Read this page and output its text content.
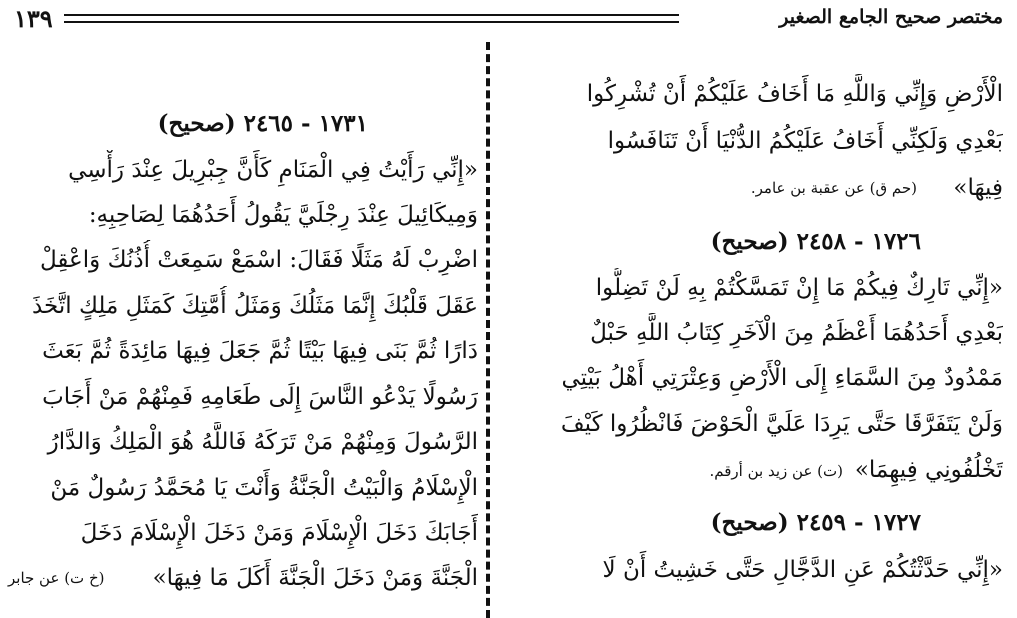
مختصر صحيح الجامع الصغير
١٣٩
الْأَرْضِ وَإِنِّي وَاللَّهِ مَا أَخَافُ عَلَيْكُمْ أَنْ تُشْرِكُوا
بَعْدِي وَلَكِنِّي أَخَافُ عَلَيْكُمُ الدُّنْيَا أَنْ تَنَافَسُوا
فِيهَا»
(حم ق) عن عقبة بن عامر.
١٧٢٦ - ٢٤٥٨ (صحيح)
«إِنِّي تَارِكٌ فِيكُمْ مَا إِنْ تَمَسَّكْتُمْ بِهِ لَنْ تَضِلُّوا
بَعْدِي أَحَدُهُمَا أَعْظَمُ مِنَ الْآخَرِ كِتَابُ اللَّهِ حَبْلٌ
مَمْدُودٌ مِنَ السَّمَاءِ إِلَى الْأَرْضِ وَعِتْرَتِي أَهْلُ بَيْتِي
وَلَنْ يَتَفَرَّقَا حَتَّى يَرِدَا عَلَيَّ الْحَوْضَ فَانْظُرُوا كَيْفَ
تَخْلُفُونِي فِيهِمَا»
(ت) عن زيد بن أرقم.
١٧٢٧ - ٢٤٥٩ (صحيح)
«إِنِّي حَدَّثْتُكُمْ عَنِ الدَّجَّالِ حَتَّى خَشِيتُ أَنْ لَا
١٧٣١ - ٢٤٦٥ (صحيح)
«إِنِّي رَأَيْتُ فِي الْمَنَامِ كَأَنَّ جِبْرِيلَ عِنْدَ رَأْسِي
وَمِيكَائِيلَ عِنْدَ رِجْلَيَّ يَقُولُ أَحَدُهُمَا لِصَاحِبِهِ:
اضْرِبْ لَهُ مَثَلًا فَقَالَ: اسْمَعْ سَمِعَتْ أُذُنُكَ وَاعْقِلْ
عَقَلَ قَلْبُكَ إِنَّمَا مَثَلُكَ وَمَثَلُ أُمَّتِكَ كَمَثَلِ مَلِكٍ اتَّخَذَ
دَارًا ثُمَّ بَنَى فِيهَا بَيْتًا ثُمَّ جَعَلَ فِيهَا مَائِدَةً ثُمَّ بَعَثَ
رَسُولًا يَدْعُو النَّاسَ إِلَى طَعَامِهِ فَمِنْهُمْ مَنْ أَجَابَ
الرَّسُولَ وَمِنْهُمْ مَنْ تَرَكَهُ فَاللَّهُ هُوَ الْمَلِكُ وَالدَّارُ
الْإِسْلَامُ وَالْبَيْتُ الْجَنَّةُ وَأَنْتَ يَا مُحَمَّدُ رَسُولٌ مَنْ
أَجَابَكَ دَخَلَ الْإِسْلَامَ وَمَنْ دَخَلَ الْإِسْلَامَ دَخَلَ
الْجَنَّةَ وَمَنْ دَخَلَ الْجَنَّةَ أَكَلَ مَا فِيهَا»
(خ ت) عن جابر
